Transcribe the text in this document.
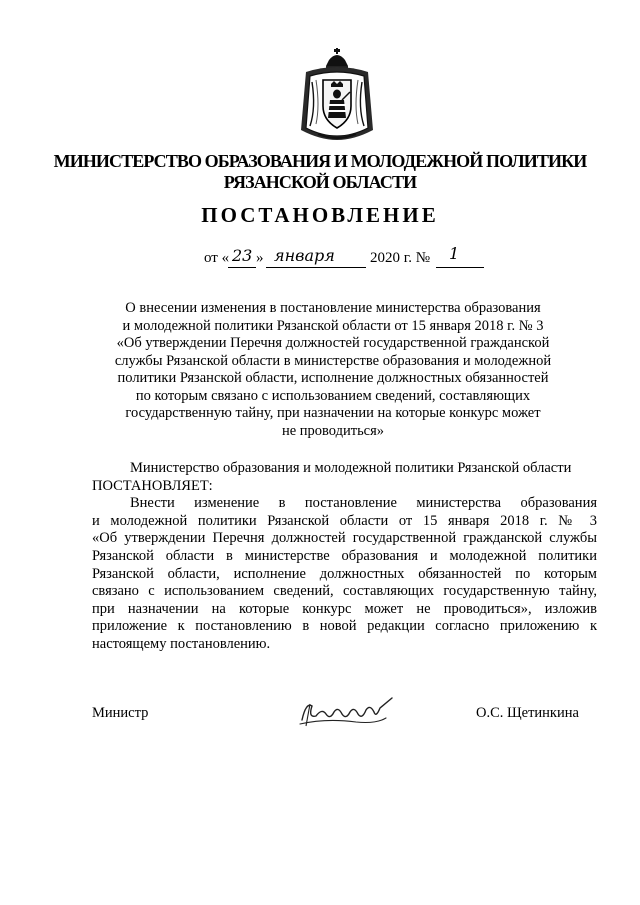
МИНИСТЕРСТВО ОБРАЗОВАНИЯ И МОЛОДЕЖНОЙ ПОЛИТИКИ
РЯЗАНСКОЙ ОБЛАСТИ
ПОСТАНОВЛЕНИЕ
от « 23 » января 2020 г. № 1
О внесении изменения в постановление министерства образования
и молодежной политики Рязанской области от 15 января 2018 г. № 3
«Об утверждении Перечня должностей государственной гражданской
службы Рязанской области в министерстве образования и молодежной
политики Рязанской области, исполнение должностных обязанностей
по которым связано с использованием сведений, составляющих
государственную тайну, при назначении на которые конкурс может
не проводиться»
Министерство образования и молодежной политики Рязанской области
ПОСТАНОВЛЯЕТ:
Внести изменение в постановление министерства образования
и молодежной политики Рязанской области от 15 января 2018 г. № 3
«Об утверждении Перечня должностей государственной гражданской службы
Рязанской области в министерстве образования и молодежной политики
Рязанской области, исполнение должностных обязанностей по которым
связано с использованием сведений, составляющих государственную тайну,
при назначении на которые конкурс может не проводиться», изложив
приложение к постановлению в новой редакции согласно приложению к
настоящему постановлению.
Министр	О.С. Щетинкина
